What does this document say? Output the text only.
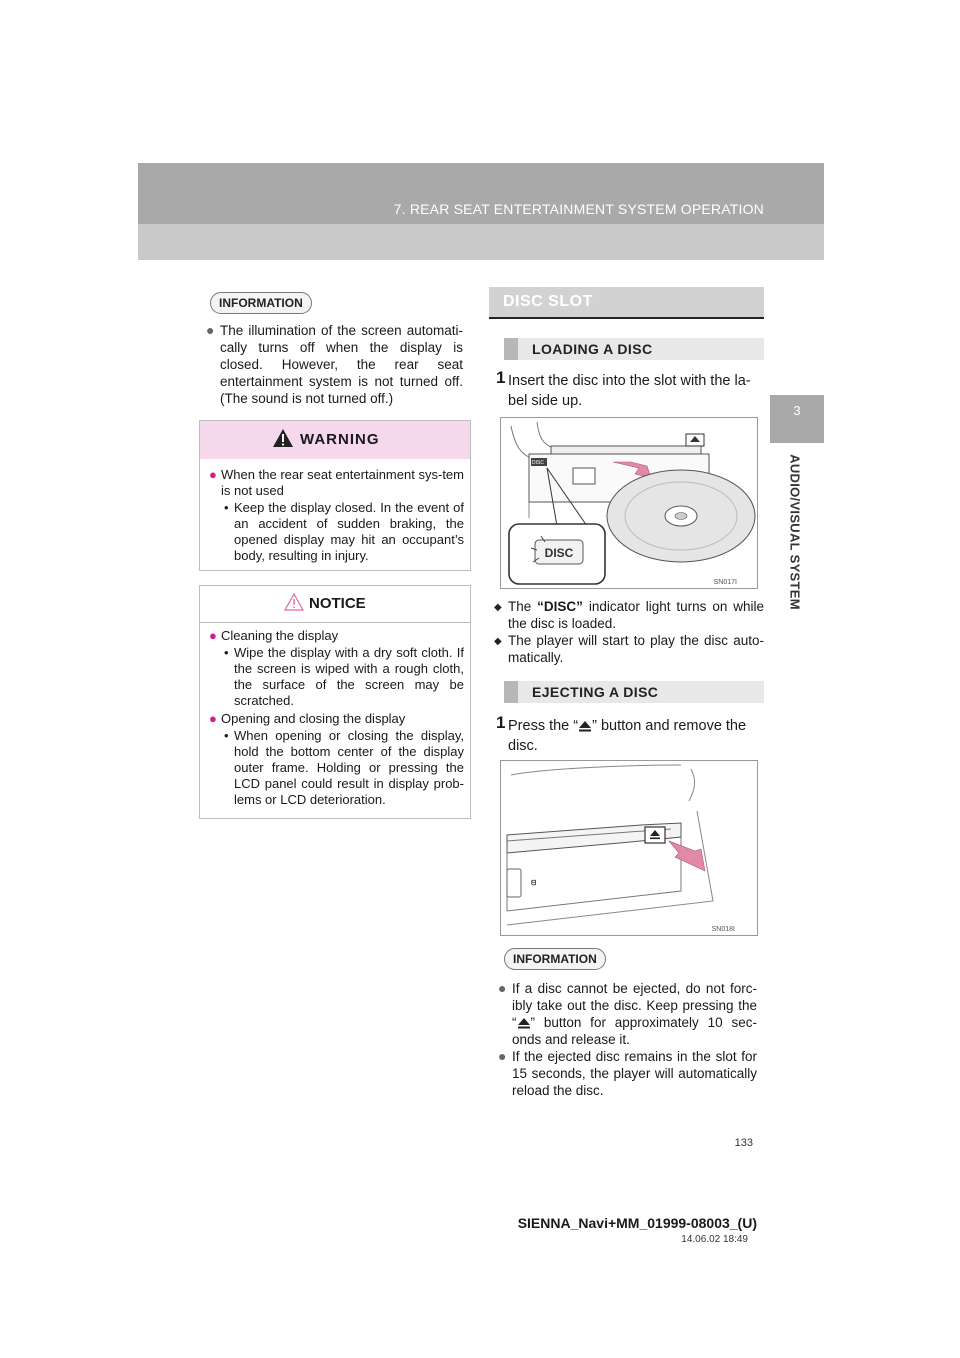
7. REAR SEAT ENTERTAINMENT SYSTEM OPERATION
3
AUDIO/VISUAL SYSTEM
INFORMATION
● The illumination of the screen automati-cally turns off when the display is closed. However, the rear seat entertainment system is not turned off. (The sound is not turned off.)
WARNING
● When the rear seat entertainment sys-tem is not used
• Keep the display closed. In the event of an accident of sudden braking, the opened display may hit an occupant’s body, resulting in injury.
NOTICE
● Cleaning the display
• Wipe the display with a dry soft cloth. If the screen is wiped with a rough cloth, the surface of the screen may be scratched.
● Opening and closing the display
• When opening or closing the display, hold the bottom center of the display outer frame. Holding or pressing the LCD panel could result in display prob-lems or LCD deterioration.
DISC SLOT
LOADING A DISC
1 Insert the disc into the slot with the la-bel side up.
DISC
DISC
SN017I
◆ The “DISC” indicator light turns on while the disc is loaded.
◆ The player will start to play the disc auto-matically.
EJECTING A DISC
1 Press the “ ” button and remove the disc.
ᗺ
SN018I
INFORMATION
● If a disc cannot be ejected, do not forc-ibly take out the disc. Keep pressing the “ ” button for approximately 10 sec-onds and release it.
● If the ejected disc remains in the slot for 15 seconds, the player will automatically reload the disc.
133
SIENNA_Navi+MM_01999-08003_(U)
14.06.02 18:49
